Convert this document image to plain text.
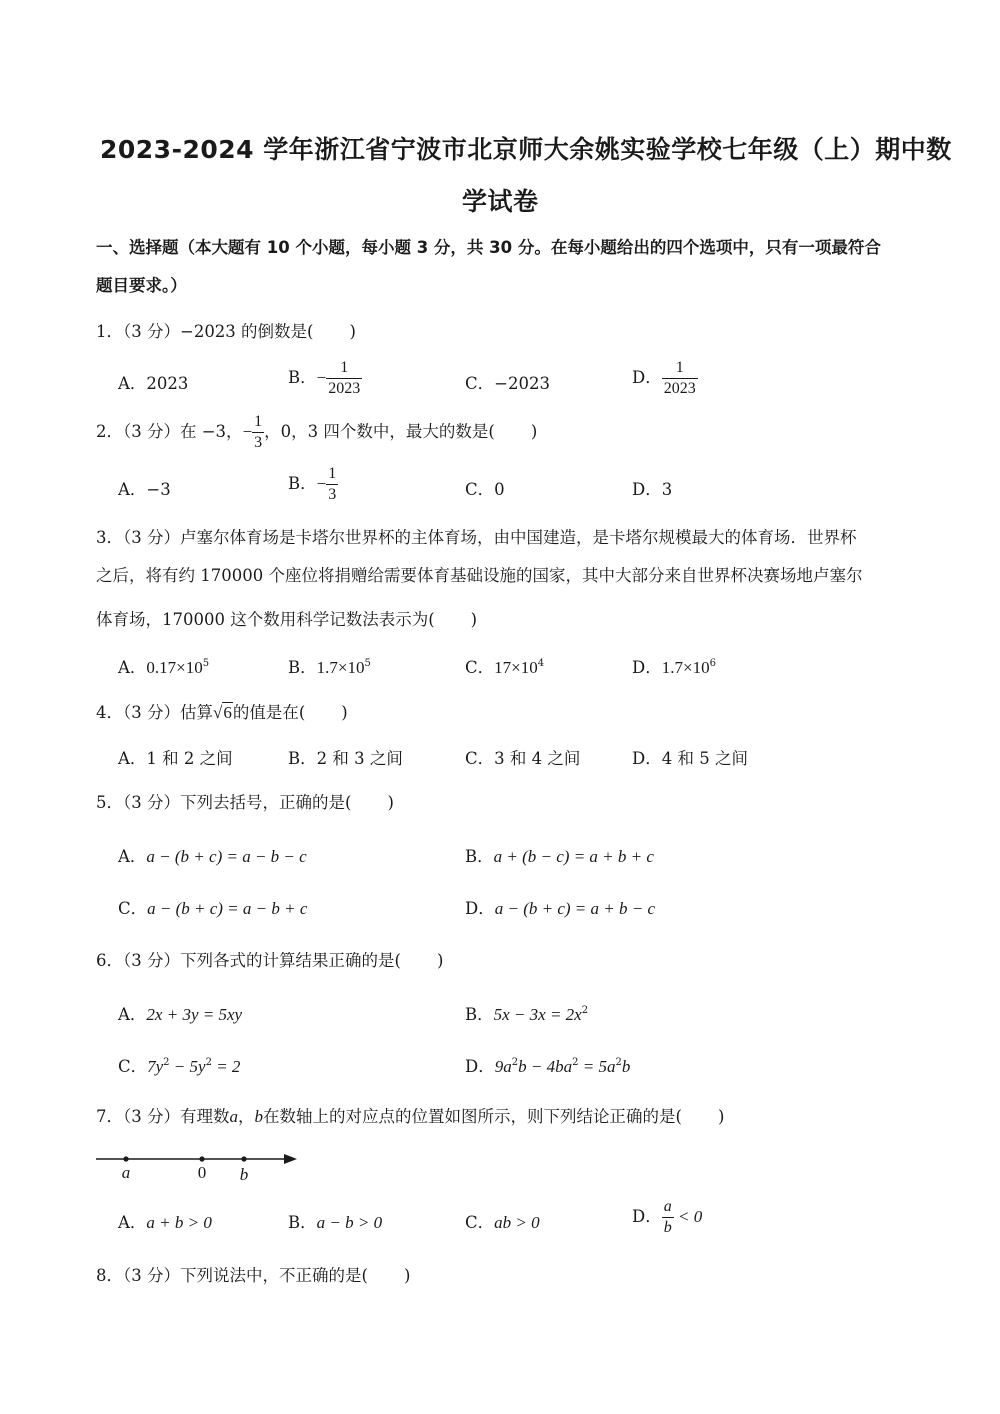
2023-2024 学年浙江省宁波市北京师大余姚实验学校七年级（上）期中数
学试卷
一、选择题（本大题有 10 个小题，每小题 3 分，共 30 分。在每小题给出的四个选项中，只有一项最符合
题目要求。）
1．（3 分）−2023 的倒数是( )
A．2023	B．− $\frac{1}{2023}$	C．−2023	D． $\frac{1}{2023}$
2．（3 分）在 −3，− $\frac{1}{3}$ ，0，3 四个数中，最大的数是( )
A．−3	B．− $\frac{1}{3}$	C．0	D．3
3．（3 分）卢塞尔体育场是卡塔尔世界杯的主体育场，由中国建造，是卡塔尔规模最大的体育场．世界杯
之后，将有约 170000 个座位将捐赠给需要体育基础设施的国家，其中大部分来自世界杯决赛场地卢塞尔
体育场，170000 这个数用科学记数法表示为( )
A．$0.17\times 10^5$	B．$1.7\times 10^5$	C．$17\times 10^4$	D．$1.7\times 10^6$
4．（3 分）估算√6的值是在( )
A．1 和 2 之间	B．2 和 3 之间	C．3 和 4 之间	D．4 和 5 之间
5．（3 分）下列去括号，正确的是( )
A．a − (b + c) = a − b − c	B．a + (b − c) = a + b + c
C．a − (b + c) = a − b + c	D．a − (b + c) = a + b − c
6．（3 分）下列各式的计算结果正确的是( )
A．2x + 3y = 5xy	B．$5x - 3x = 2x^2$
C．$7y^2 - 5y^2 = 2$	D．$9a^2b - 4ba^2 = 5a^2b$
7．（3 分）有理数a，b在数轴上的对应点的位置如图所示，则下列结论正确的是( )
a	0 b
A．a + b > 0	B．a − b > 0	C．ab > 0	D． $\frac{a}{b} < 0$
8．（3 分）下列说法中，不正确的是( )
